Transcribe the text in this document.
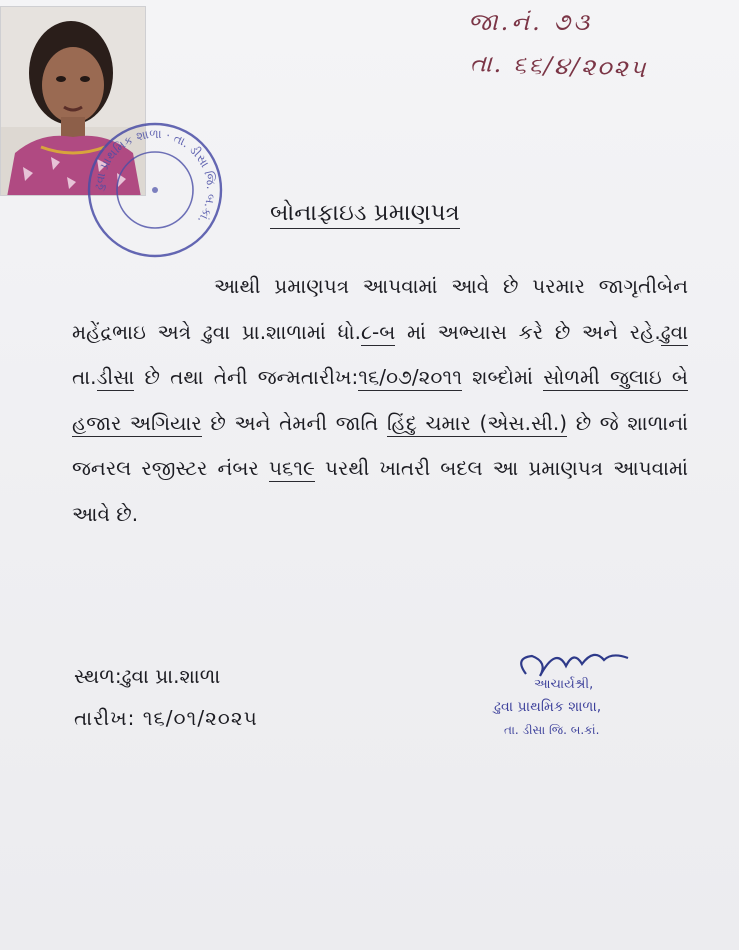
જા.નં. ૭૩
તા. ૬૬/૪/૨૦૨૫
ઢુવા પ્રાથમિક શાળા · તા. ડીસા જિ. બ.કાં.	બોનાફાઇડ પ્રમાણપત્ર
આથી પ્રમાણપત્ર આપવામાં આવે છે પરમાર જાગૃતીબેન મહેંદ્રભાઇ અત્રે ઢુવા પ્રા.શાળામાં ધો.૮-બ માં અભ્યાસ કરે છે અને રહે.ઢુવા તા.ડીસા છે તથા તેની જન્મતારીખ:૧૬/૦૭/૨૦૧૧ શબ્દોમાં સોળમી જુલાઇ બે હજાર અગિયાર છે અને તેમની જાતિ હિંદુ ચમાર (એસ.સી.) છે જે શાળાનાં જનરલ રજીસ્ટર નંબર ૫૬૧૯ પરથી ખાતરી બદલ આ પ્રમાણપત્ર આપવામાં આવે છે.
સ્થળ:ઢુવા પ્રા.શાળા
તારીખ: ૧૬/૦૧/૨૦૨૫
આચાર્યશ્રી,
ઢુવા પ્રાથમિક શાળા,
તા. ડીસા જિ. બ.કાં.
